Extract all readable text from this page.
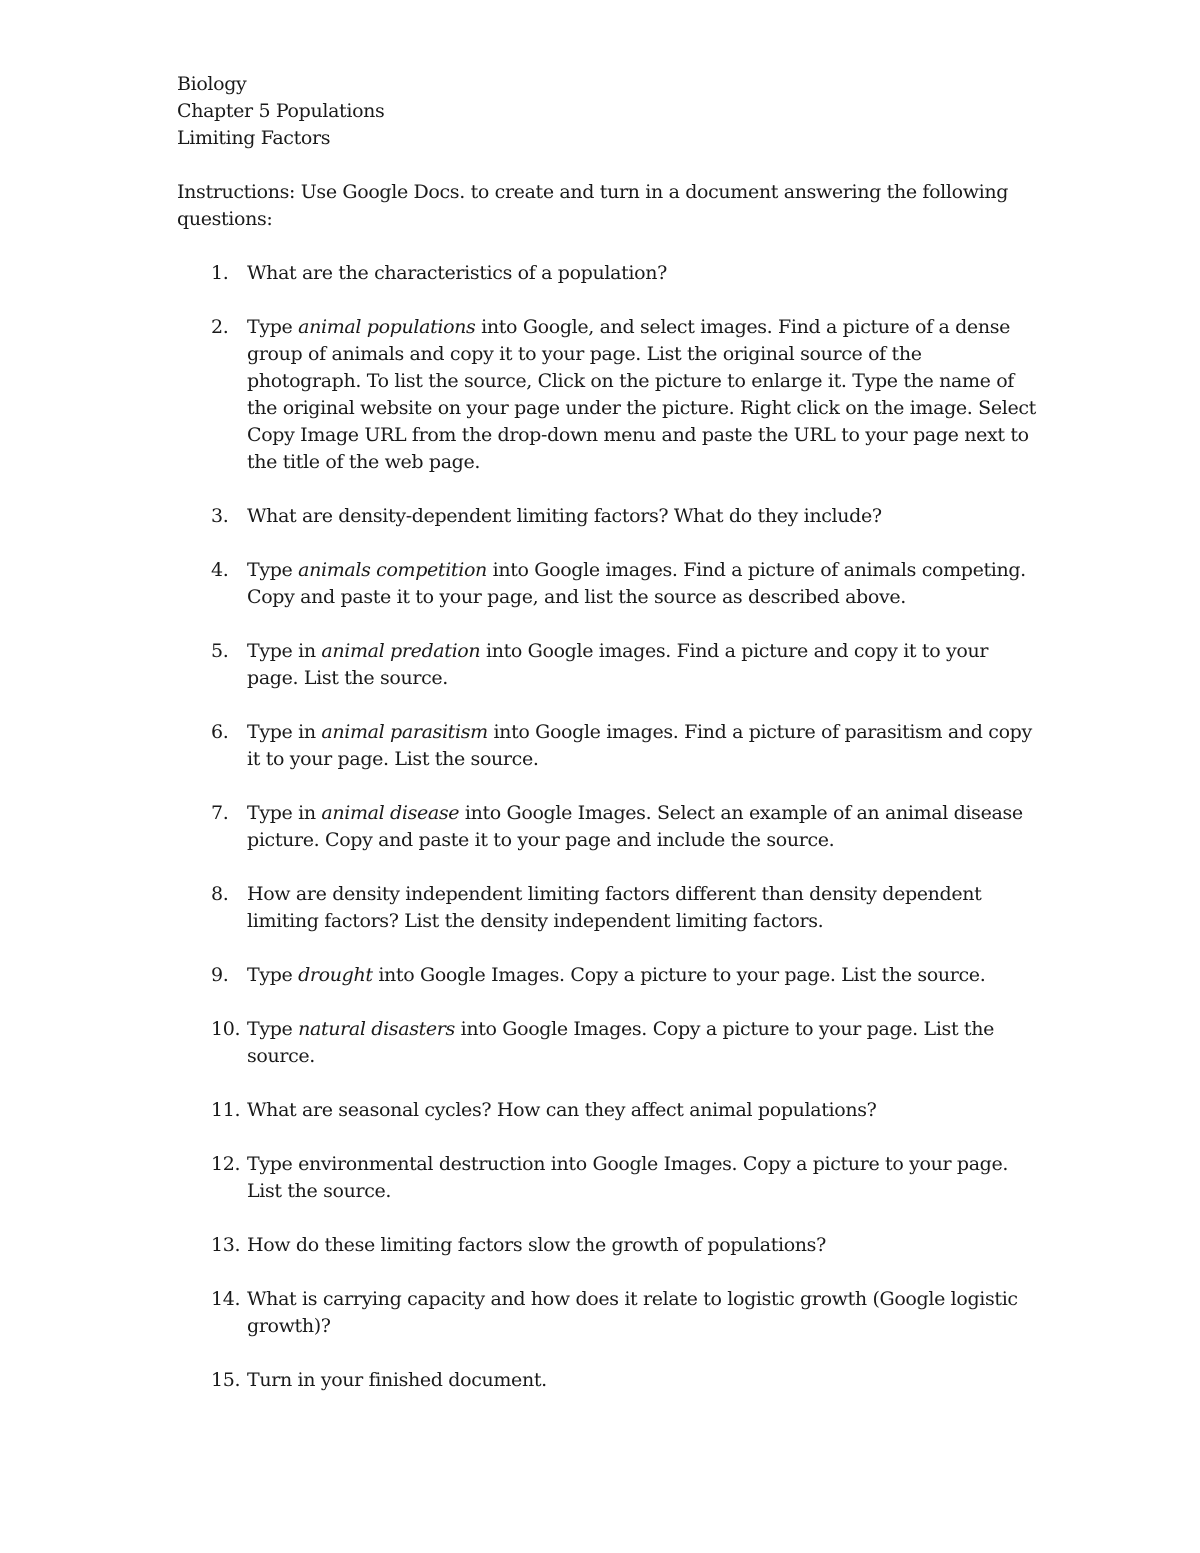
Biology
Chapter 5 Populations
Limiting Factors
Instructions: Use Google Docs. to create and turn in a document answering the following questions:
1. What are the characteristics of a population?
2. Type animal populations into Google, and select images. Find a picture of a dense group of animals and copy it to your page. List the original source of the photograph. To list the source, Click on the picture to enlarge it. Type the name of the original website on your page under the picture. Right click on the image. Select Copy Image URL from the drop-down menu and paste the URL to your page next to the title of the web page.
3. What are density-dependent limiting factors? What do they include?
4. Type animals competition into Google images. Find a picture of animals competing. Copy and paste it to your page, and list the source as described above.
5. Type in animal predation into Google images. Find a picture and copy it to your page. List the source.
6. Type in animal parasitism into Google images. Find a picture of parasitism and copy it to your page. List the source.
7. Type in animal disease into Google Images. Select an example of an animal disease picture. Copy and paste it to your page and include the source.
8. How are density independent limiting factors different than density dependent limiting factors? List the density independent limiting factors.
9. Type drought into Google Images. Copy a picture to your page. List the source.
10. Type natural disasters into Google Images. Copy a picture to your page. List the source.
11. What are seasonal cycles? How can they affect animal populations?
12. Type environmental destruction into Google Images. Copy a picture to your page. List the source.
13. How do these limiting factors slow the growth of populations?
14. What is carrying capacity and how does it relate to logistic growth (Google logistic growth)?
15. Turn in your finished document.
